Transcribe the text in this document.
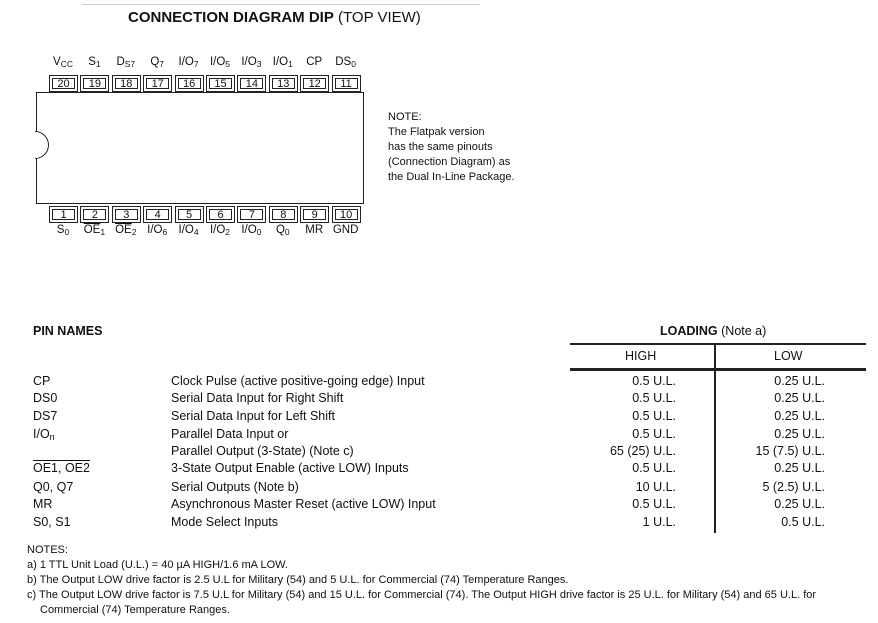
CONNECTION DIAGRAM DIP (TOP VIEW)
20
$V_{CC}$
19
$S_1$
18
$D_{S7}$
17
$Q_7$
16
$I/O_7$
15
$I/O_5$
14
$I/O_3$
13
$I/O_1$
12
CP
11
$DS_0$
1
$S_0$
2
$\overline{OE}_1$
3
$\overline{OE}_2$
4
$I/O_6$
5
$I/O_4$
6
$I/O_2$
7
$I/O_0$
8
$Q_0$
9
MR
10
GND
NOTE:
The Flatpak version
has the same pinouts
(Connection Diagram) as
the Dual In-Line Package.
PIN NAMES	LOADING (Note a)
HIGH	LOW
CP	Clock Pulse (active positive-going edge) Input	0.5 U.L.	0.25 U.L.
DS0	Serial Data Input for Right Shift	0.5 U.L.	0.25 U.L.
DS7	Serial Data Input for Left Shift	0.5 U.L.	0.25 U.L.
$I/O_n$	Parallel Data Input or	0.5 U.L.	0.25 U.L.
Parallel Output (3-State) (Note c)	65 (25) U.L.	15 (7.5) U.L.
OE1, OE2	3-State Output Enable (active LOW) Inputs	0.5 U.L.	0.25 U.L.
Q0, Q7	Serial Outputs (Note b)	10 U.L.	5 (2.5) U.L.
MR	Asynchronous Master Reset (active LOW) Input	0.5 U.L.	0.25 U.L.
S0, S1	Mode Select Inputs	1 U.L.	0.5 U.L.
NOTES:
a) 1 TTL Unit Load (U.L.) = 40 µA HIGH/1.6 mA LOW.
b) The Output LOW drive factor is 2.5 U.L for Military (54) and 5 U.L. for Commercial (74) Temperature Ranges.
c) The Output LOW drive factor is 7.5 U.L for Military (54) and 15 U.L. for Commercial (74). The Output HIGH drive factor is 25 U.L. for Military (54) and 65 U.L. for
Commercial (74) Temperature Ranges.
